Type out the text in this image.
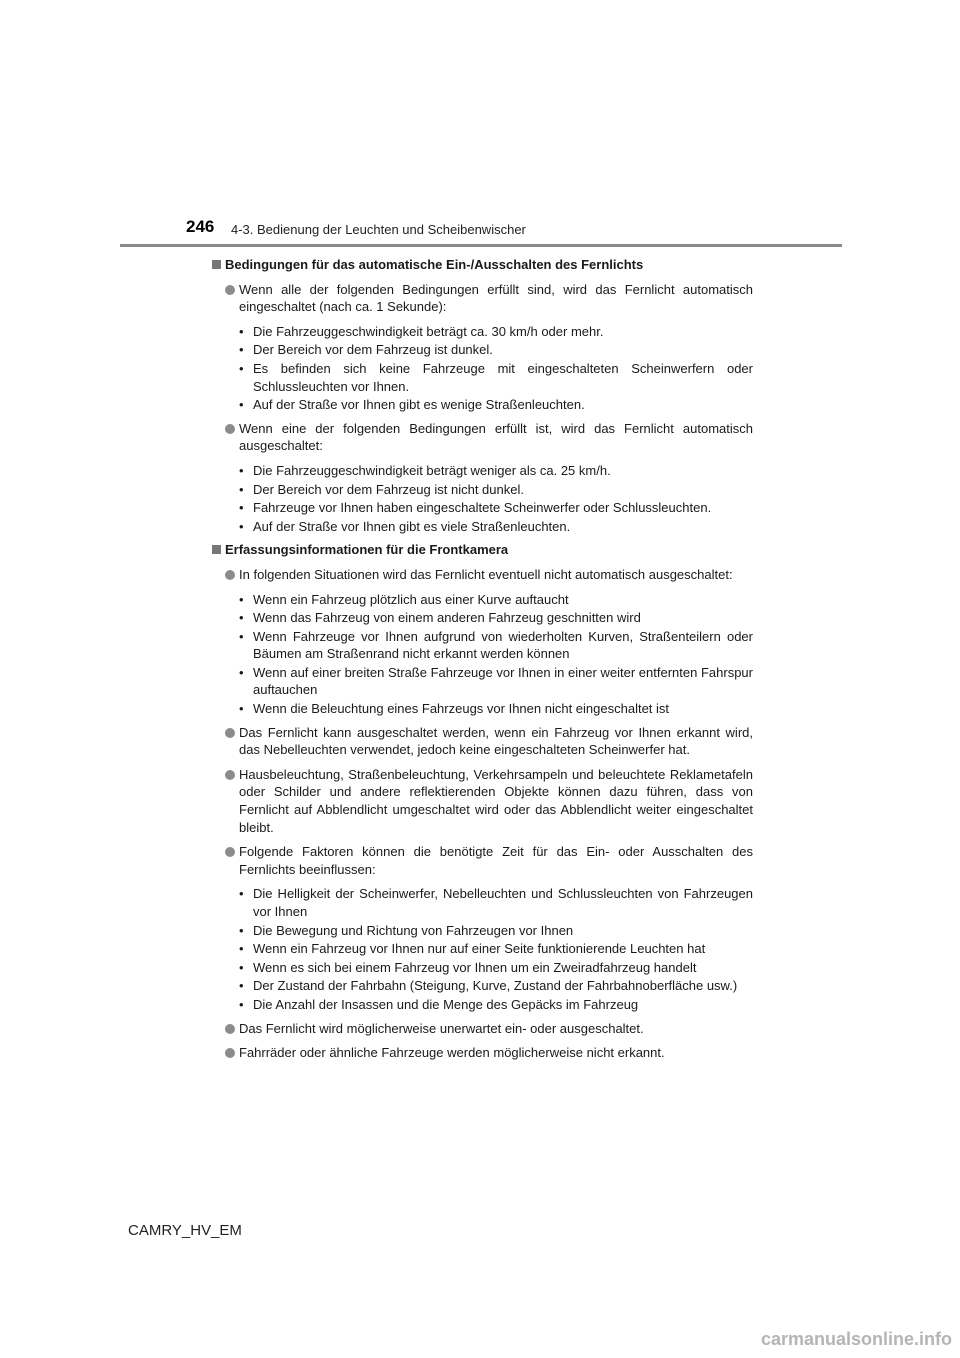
246 4-3. Bedienung der Leuchten und Scheibenwischer
Bedingungen für das automatische Ein-/Ausschalten des Fernlichts
Wenn alle der folgenden Bedingungen erfüllt sind, wird das Fernlicht automatisch eingeschaltet (nach ca. 1 Sekunde):
• Die Fahrzeuggeschwindigkeit beträgt ca. 30 km/h oder mehr.
• Der Bereich vor dem Fahrzeug ist dunkel.
• Es befinden sich keine Fahrzeuge mit eingeschalteten Scheinwerfern oder Schlussleuchten vor Ihnen.
• Auf der Straße vor Ihnen gibt es wenige Straßenleuchten.
Wenn eine der folgenden Bedingungen erfüllt ist, wird das Fernlicht automatisch ausgeschaltet:
• Die Fahrzeuggeschwindigkeit beträgt weniger als ca. 25 km/h.
• Der Bereich vor dem Fahrzeug ist nicht dunkel.
• Fahrzeuge vor Ihnen haben eingeschaltete Scheinwerfer oder Schlussleuchten.
• Auf der Straße vor Ihnen gibt es viele Straßenleuchten.
Erfassungsinformationen für die Frontkamera
In folgenden Situationen wird das Fernlicht eventuell nicht automatisch ausgeschaltet:
• Wenn ein Fahrzeug plötzlich aus einer Kurve auftaucht
• Wenn das Fahrzeug von einem anderen Fahrzeug geschnitten wird
• Wenn Fahrzeuge vor Ihnen aufgrund von wiederholten Kurven, Straßenteilern oder Bäumen am Straßenrand nicht erkannt werden können
• Wenn auf einer breiten Straße Fahrzeuge vor Ihnen in einer weiter entfernten Fahrspur auftauchen
• Wenn die Beleuchtung eines Fahrzeugs vor Ihnen nicht eingeschaltet ist
Das Fernlicht kann ausgeschaltet werden, wenn ein Fahrzeug vor Ihnen erkannt wird, das Nebelleuchten verwendet, jedoch keine eingeschalteten Scheinwerfer hat.
Hausbeleuchtung, Straßenbeleuchtung, Verkehrsampeln und beleuchtete Reklametafeln oder Schilder und andere reflektierenden Objekte können dazu führen, dass von Fernlicht auf Abblendlicht umgeschaltet wird oder das Abblendlicht weiter eingeschaltet bleibt.
Folgende Faktoren können die benötigte Zeit für das Ein- oder Ausschalten des Fernlichts beeinflussen:
• Die Helligkeit der Scheinwerfer, Nebelleuchten und Schlussleuchten von Fahrzeugen vor Ihnen
• Die Bewegung und Richtung von Fahrzeugen vor Ihnen
• Wenn ein Fahrzeug vor Ihnen nur auf einer Seite funktionierende Leuchten hat
• Wenn es sich bei einem Fahrzeug vor Ihnen um ein Zweiradfahrzeug handelt
• Der Zustand der Fahrbahn (Steigung, Kurve, Zustand der Fahrbahnoberfläche usw.)
• Die Anzahl der Insassen und die Menge des Gepäcks im Fahrzeug
Das Fernlicht wird möglicherweise unerwartet ein- oder ausgeschaltet.
Fahrräder oder ähnliche Fahrzeuge werden möglicherweise nicht erkannt.
CAMRY_HV_EM
carmanualsonline.info
